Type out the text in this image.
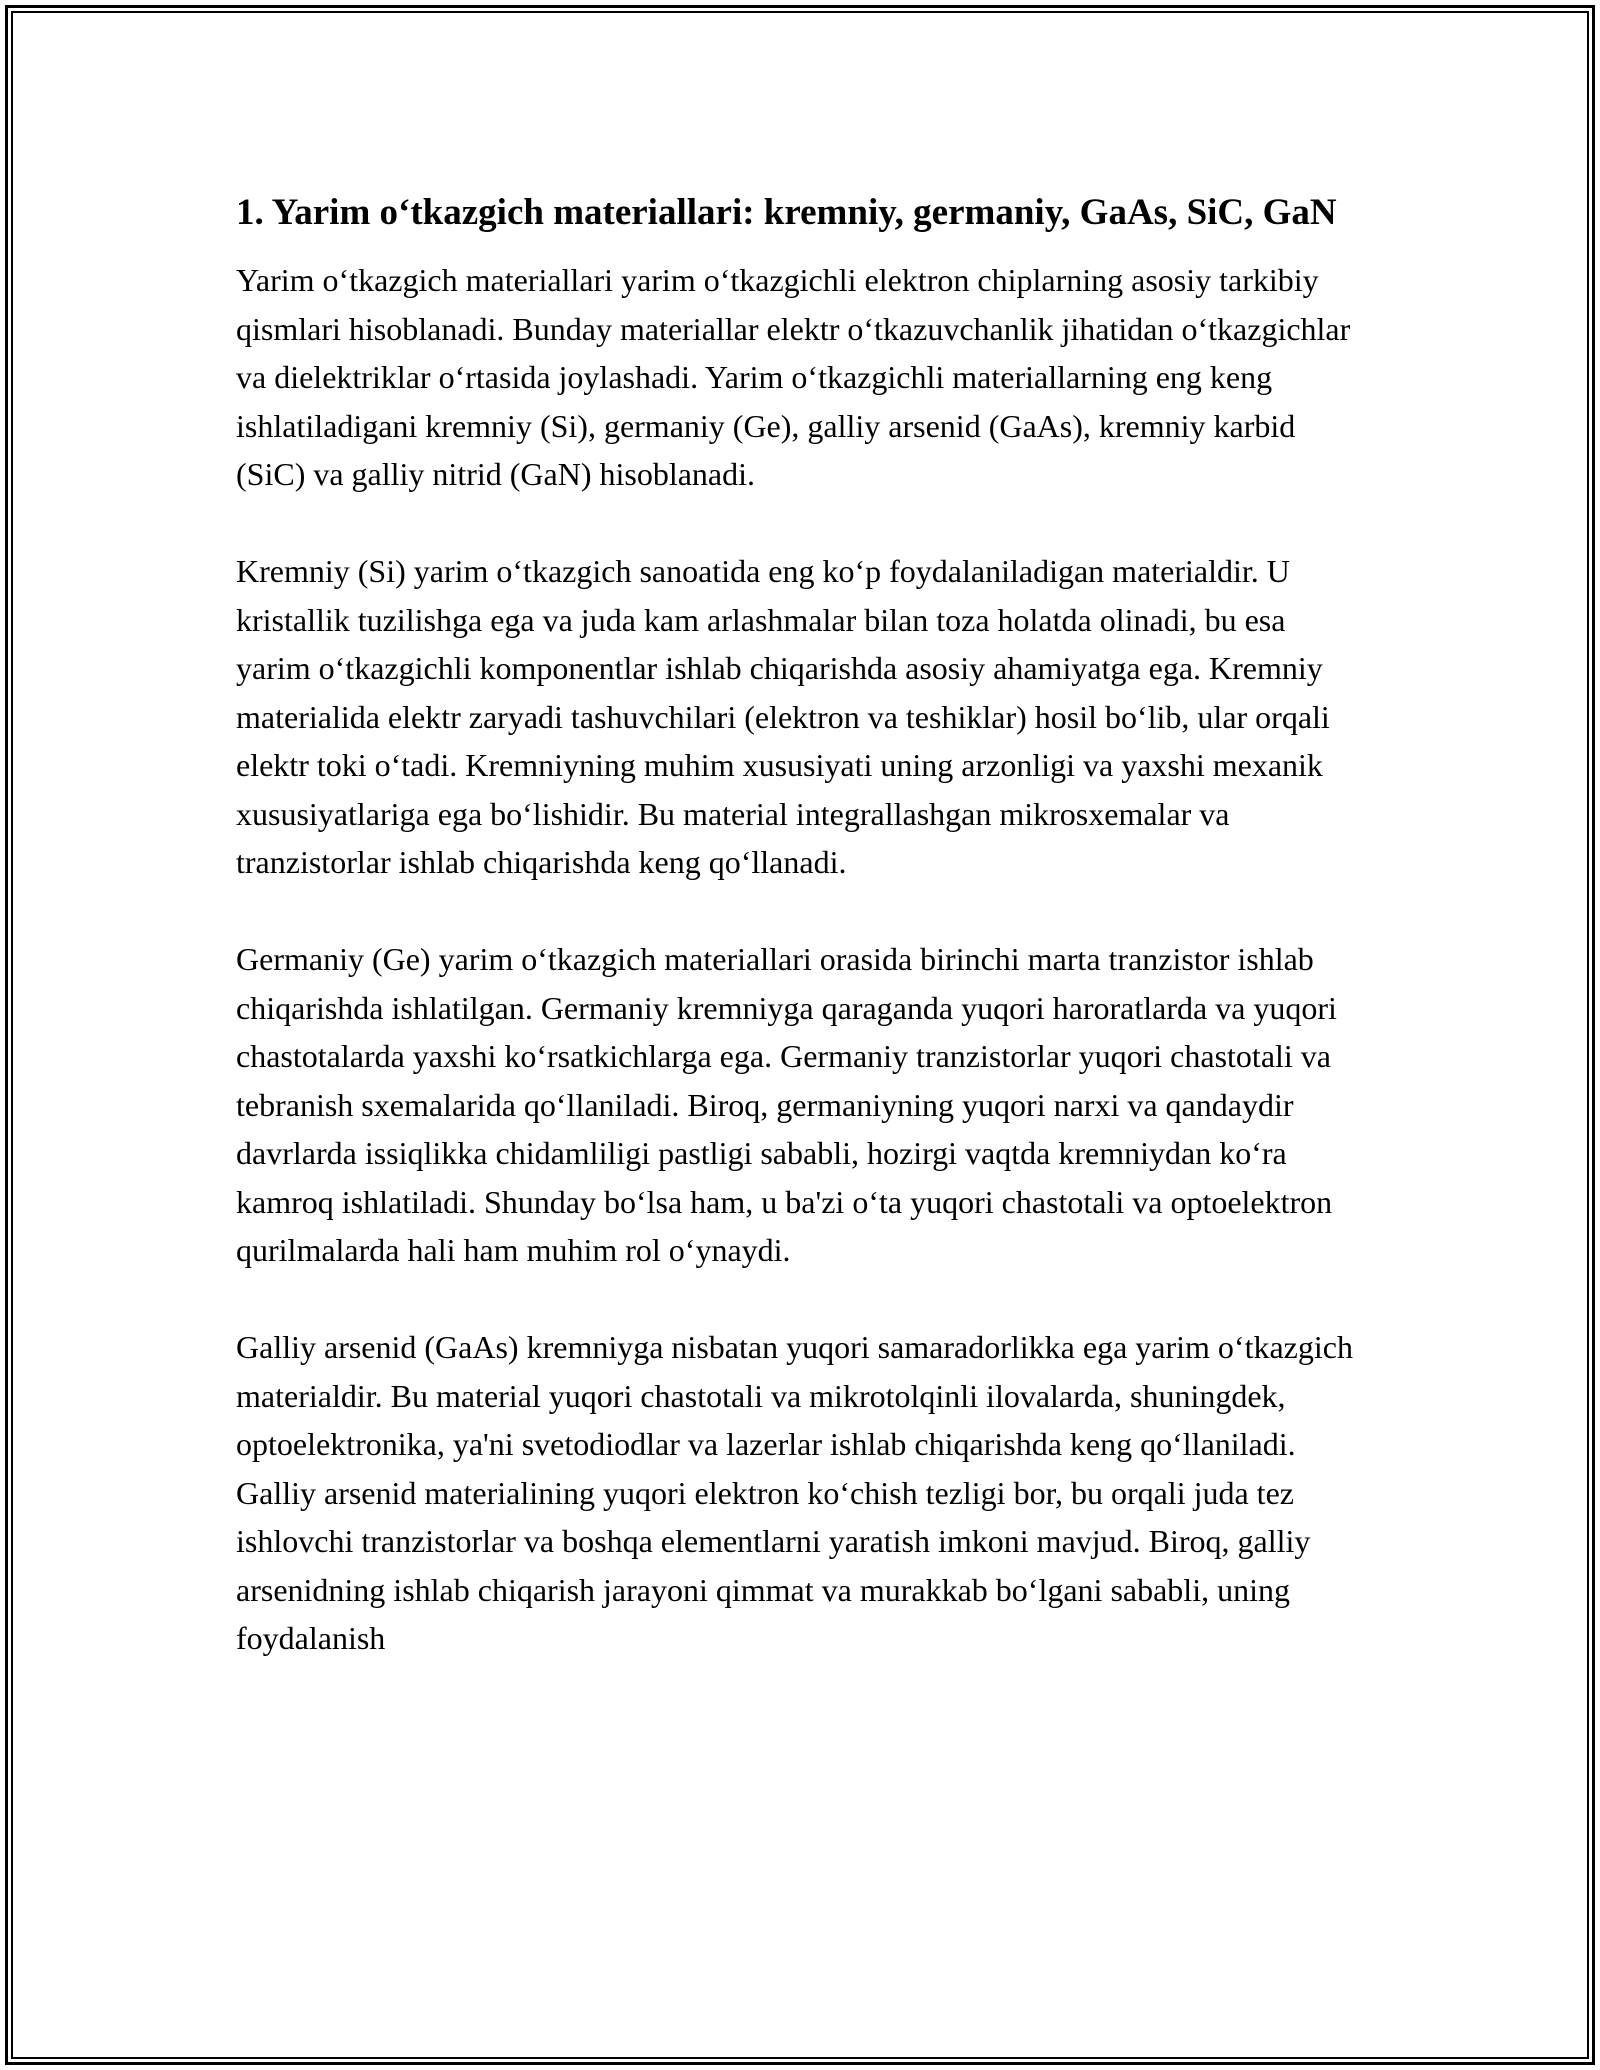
1. Yarim o‘tkazgich materiallari: kremniy, germaniy, GaAs, SiC, GaN

Yarim o‘tkazgich materiallari yarim o‘tkazgichli elektron chiplarning asosiy tarkibiy qismlari hisoblanadi. Bunday materiallar elektr o‘tkazuvchanlik jihatidan o‘tkazgichlar va dielektriklar o‘rtasida joylashadi. Yarim o‘tkazgichli materiallarning eng keng ishlatiladigani kremniy (Si), germaniy (Ge), galliy arsenid (GaAs), kremniy karbid (SiC) va galliy nitrid (GaN) hisoblanadi.

Kremniy (Si) yarim o‘tkazgich sanoatida eng ko‘p foydalaniladigan materialdir. U kristallik tuzilishga ega va juda kam arlashmalar bilan toza holatda olinadi, bu esa yarim o‘tkazgichli komponentlar ishlab chiqarishda asosiy ahamiyatga ega. Kremniy materialida elektr zaryadi tashuvchilari (elektron va teshiklar) hosil bo‘lib, ular orqali elektr toki o‘tadi. Kremniyning muhim xususiyati uning arzonligi va yaxshi mexanik xususiyatlariga ega bo‘lishidir. Bu material integrallashgan mikrosxemalar va tranzistorlar ishlab chiqarishda keng qo‘llanadi.

Germaniy (Ge) yarim o‘tkazgich materiallari orasida birinchi marta tranzistor ishlab chiqarishda ishlatilgan. Germaniy kremniyga qaraganda yuqori haroratlarda va yuqori chastotalarda yaxshi ko‘rsatkichlarga ega. Germaniy tranzistorlar yuqori chastotali va tebranish sxemalarida qo‘llaniladi. Biroq, germaniyning yuqori narxi va qandaydir davrlarda issiqlikka chidamliligi pastligi sababli, hozirgi vaqtda kremniydan ko‘ra kamroq ishlatiladi. Shunday bo‘lsa ham, u ba'zi o‘ta yuqori chastotali va optoelektron qurilmalarda hali ham muhim rol o‘ynaydi.

Galliy arsenid (GaAs) kremniyga nisbatan yuqori samaradorlikka ega yarim o‘tkazgich materialdir. Bu material yuqori chastotali va mikrotolqinli ilovalarda, shuningdek, optoelektronika, ya'ni svetodiodlar va lazerlar ishlab chiqarishda keng qo‘llaniladi. Galliy arsenid materialining yuqori elektron ko‘chish tezligi bor, bu orqali juda tez ishlovchi tranzistorlar va boshqa elementlarni yaratish imkoni mavjud. Biroq, galliy arsenidning ishlab chiqarish jarayoni qimmat va murakkab bo‘lgani sababli, uning foydalanish
